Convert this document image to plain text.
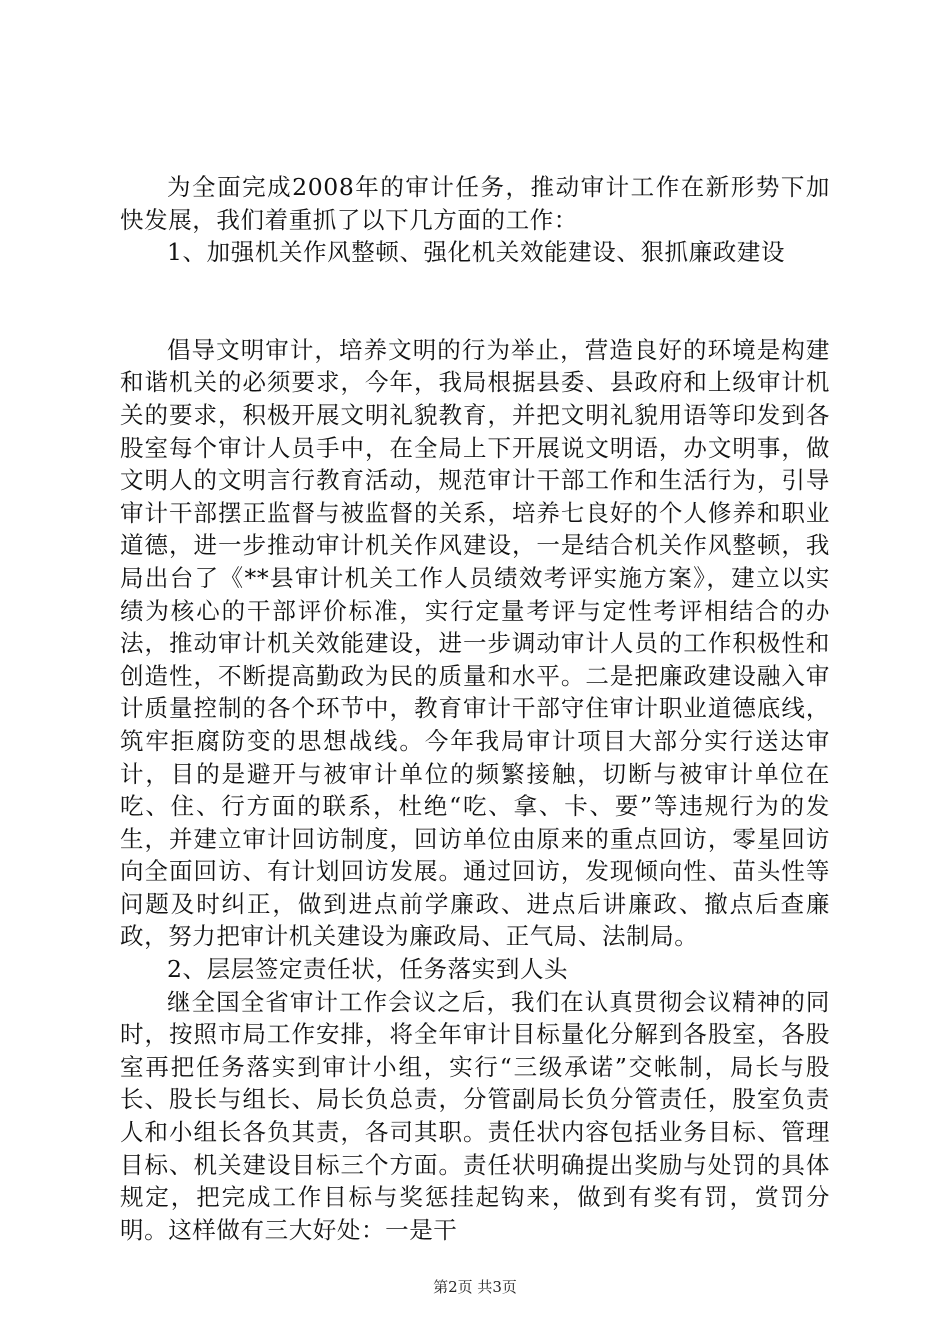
为全面完成2008年的审计任务，推动审计工作在新形势下加快发展，我们着重抓了以下几方面的工作：

1、加强机关作风整顿、强化机关效能建设、狠抓廉政建设

倡导文明审计，培养文明的行为举止，营造良好的环境是构建和谐机关的必须要求，今年，我局根据县委、县政府和上级审计机关的要求，积极开展文明礼貌教育，并把文明礼貌用语等印发到各股室每个审计人员手中，在全局上下开展说文明语，办文明事，做文明人的文明言行教育活动，规范审计干部工作和生活行为，引导审计干部摆正监督与被监督的关系，培养七良好的个人修养和职业道德，进一步推动审计机关作风建设，一是结合机关作风整顿，我局出台了《**县审计机关工作人员绩效考评实施方案》，建立以实绩为核心的干部评价标准，实行定量考评与定性考评相结合的办法，推动审计机关效能建设，进一步调动审计人员的工作积极性和创造性，不断提高勤政为民的质量和水平。二是把廉政建设融入审计质量控制的各个环节中，教育审计干部守住审计职业道德底线，筑牢拒腐防变的思想战线。今年我局审计项目大部分实行送达审计，目的是避开与被审计单位的频繁接触，切断与被审计单位在吃、住、行方面的联系，杜绝“吃、拿、卡、要”等违规行为的发生，并建立审计回访制度，回访单位由原来的重点回访，零星回访向全面回访、有计划回访发展。通过回访，发现倾向性、苗头性等问题及时纠正，做到进点前学廉政、进点后讲廉政、撤点后查廉政，努力把审计机关建设为廉政局、正气局、法制局。

2、层层签定责任状，任务落实到人头

继全国全省审计工作会议之后，我们在认真贯彻会议精神的同时，按照市局工作安排，将全年审计目标量化分解到各股室，各股室再把任务落实到审计小组，实行“三级承诺”交帐制，局长与股长、股长与组长、局长负总责，分管副局长负分管责任，股室负责人和小组长各负其责，各司其职。责任状内容包括业务目标、管理目标、机关建设目标三个方面。责任状明确提出奖励与处罚的具体规定，把完成工作目标与奖惩挂起钩来，做到有奖有罚，赏罚分明。这样做有三大好处：一是干

第2页 共3页
